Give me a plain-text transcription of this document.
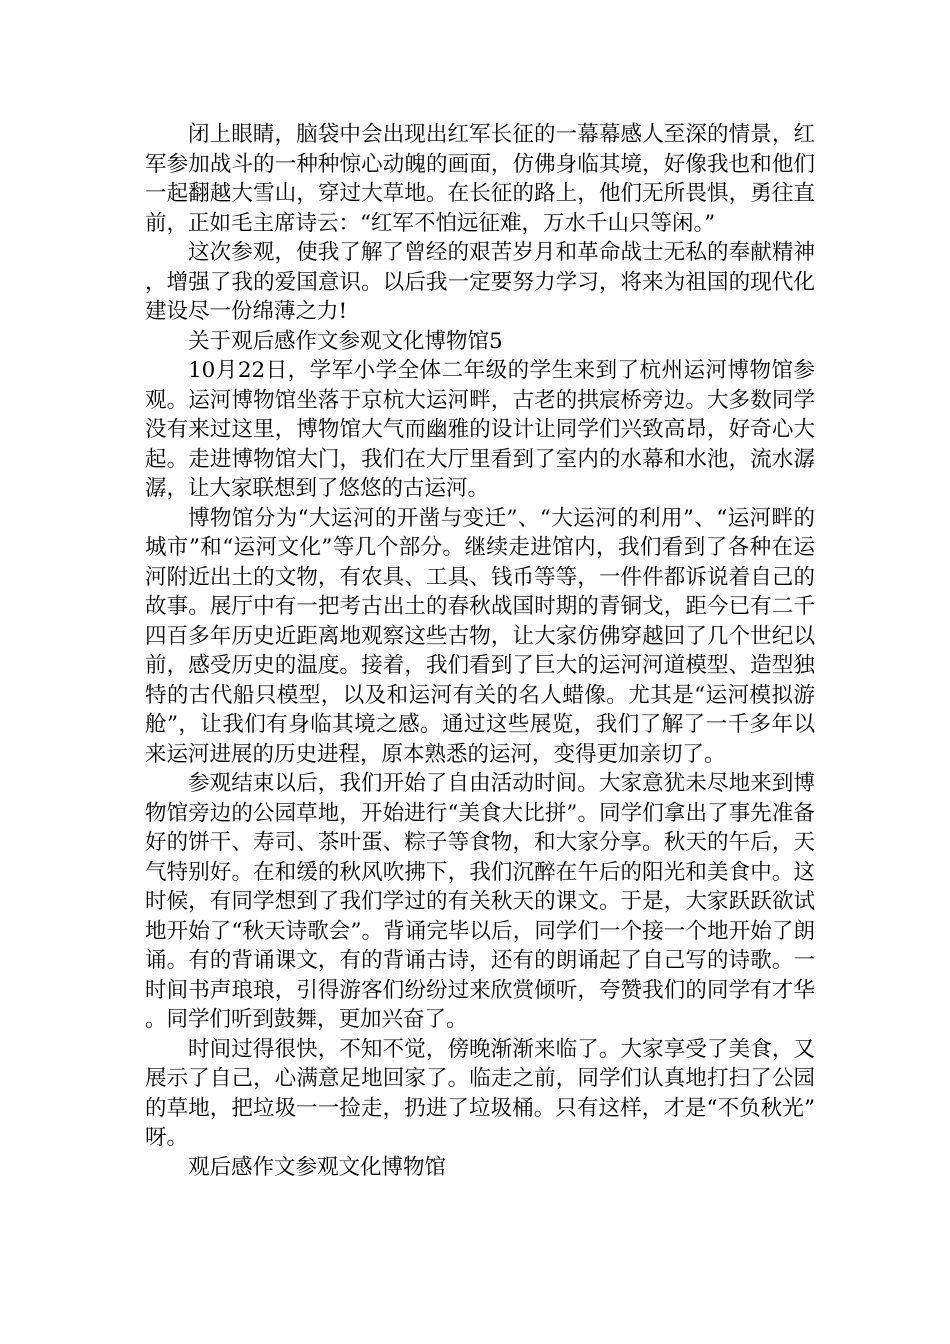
闭上眼睛，脑袋中会出现出红军长征的一幕幕感人至深的情景，红军参加战斗的一种种惊心动魄的画面，仿佛身临其境，好像我也和他们一起翻越大雪山，穿过大草地。在长征的路上，他们无所畏惧，勇往直前，正如毛主席诗云：“红军不怕远征难，万水千山只等闲。”

这次参观，使我了解了曾经的艰苦岁月和革命战士无私的奉献精神，增强了我的爱国意识。以后我一定要努力学习，将来为祖国的现代化建设尽一份绵薄之力!

关于观后感作文参观文化博物馆5

10月22日，学军小学全体二年级的学生来到了杭州运河博物馆参观。运河博物馆坐落于京杭大运河畔，古老的拱宸桥旁边。大多数同学没有来过这里，博物馆大气而幽雅的设计让同学们兴致高昂，好奇心大起。走进博物馆大门，我们在大厅里看到了室内的水幕和水池，流水潺潺，让大家联想到了悠悠的古运河。

博物馆分为“大运河的开凿与变迁”、“大运河的利用”、“运河畔的城市”和“运河文化”等几个部分。继续走进馆内，我们看到了各种在运河附近出土的文物，有农具、工具、钱币等等，一件件都诉说着自己的故事。展厅中有一把考古出土的春秋战国时期的青铜戈，距今已有二千四百多年历史近距离地观察这些古物，让大家仿佛穿越回了几个世纪以前，感受历史的温度。接着，我们看到了巨大的运河河道模型、造型独特的古代船只模型，以及和运河有关的名人蜡像。尤其是“运河模拟游舱”，让我们有身临其境之感。通过这些展览，我们了解了一千多年以来运河进展的历史进程，原本熟悉的运河，变得更加亲切了。

参观结束以后，我们开始了自由活动时间。大家意犹未尽地来到博物馆旁边的公园草地，开始进行“美食大比拼”。同学们拿出了事先准备好的饼干、寿司、茶叶蛋、粽子等食物，和大家分享。秋天的午后，天气特别好。在和缓的秋风吹拂下，我们沉醉在午后的阳光和美食中。这时候，有同学想到了我们学过的有关秋天的课文。于是，大家跃跃欲试地开始了“秋天诗歌会”。背诵完毕以后，同学们一个接一个地开始了朗诵。有的背诵课文，有的背诵古诗，还有的朗诵起了自己写的诗歌。一时间书声琅琅，引得游客们纷纷过来欣赏倾听，夸赞我们的同学有才华。同学们听到鼓舞，更加兴奋了。

时间过得很快，不知不觉，傍晚渐渐来临了。大家享受了美食，又展示了自己，心满意足地回家了。临走之前，同学们认真地打扫了公园的草地，把垃圾一一捡走，扔进了垃圾桶。只有这样，才是“不负秋光”呀。

观后感作文参观文化博物馆
